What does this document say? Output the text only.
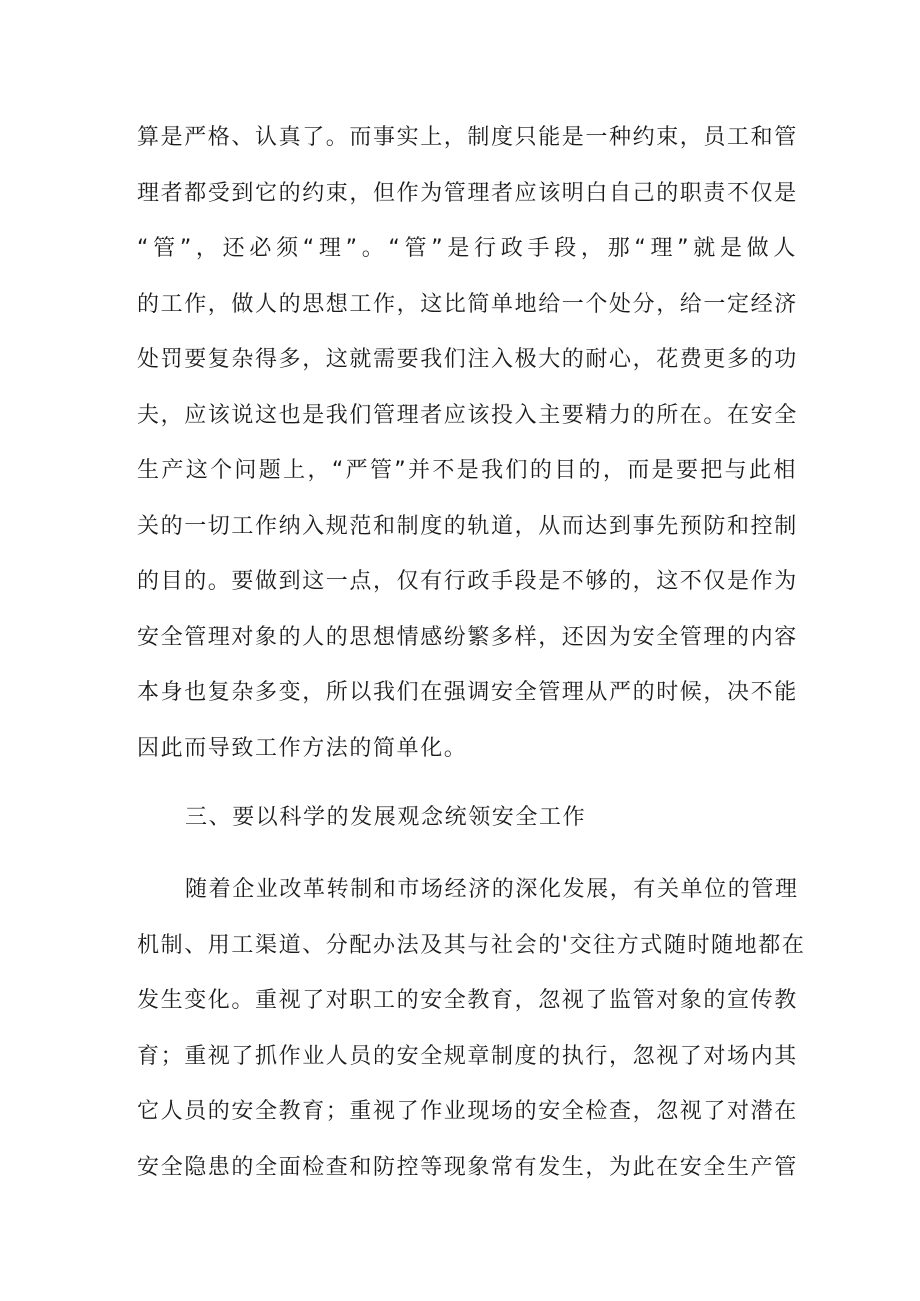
算是严格、认真了。而事实上，制度只能是一种约束，员工和管
理者都受到它的约束，但作为管理者应该明白自己的职责不仅是
“管”，还必须“理”。“管”是行政手段，那“理”就是做人
的工作，做人的思想工作，这比简单地给一个处分，给一定经济
处罚要复杂得多，这就需要我们注入极大的耐心，花费更多的功
夫，应该说这也是我们管理者应该投入主要精力的所在。在安全
生产这个问题上，“严管”并不是我们的目的，而是要把与此相
关的一切工作纳入规范和制度的轨道，从而达到事先预防和控制
的目的。要做到这一点，仅有行政手段是不够的，这不仅是作为
安全管理对象的人的思想情感纷繁多样，还因为安全管理的内容
本身也复杂多变，所以我们在强调安全管理从严的时候，决不能
因此而导致工作方法的简单化。
三、要以科学的发展观念统领安全工作
随着企业改革转制和市场经济的深化发展，有关单位的管理
机制、用工渠道、分配办法及其与社会的'交往方式随时随地都在
发生变化。重视了对职工的安全教育，忽视了监管对象的宣传教
育；重视了抓作业人员的安全规章制度的执行，忽视了对场内其
它人员的安全教育；重视了作业现场的安全检查，忽视了对潜在
安全隐患的全面检查和防控等现象常有发生，为此在安全生产管
